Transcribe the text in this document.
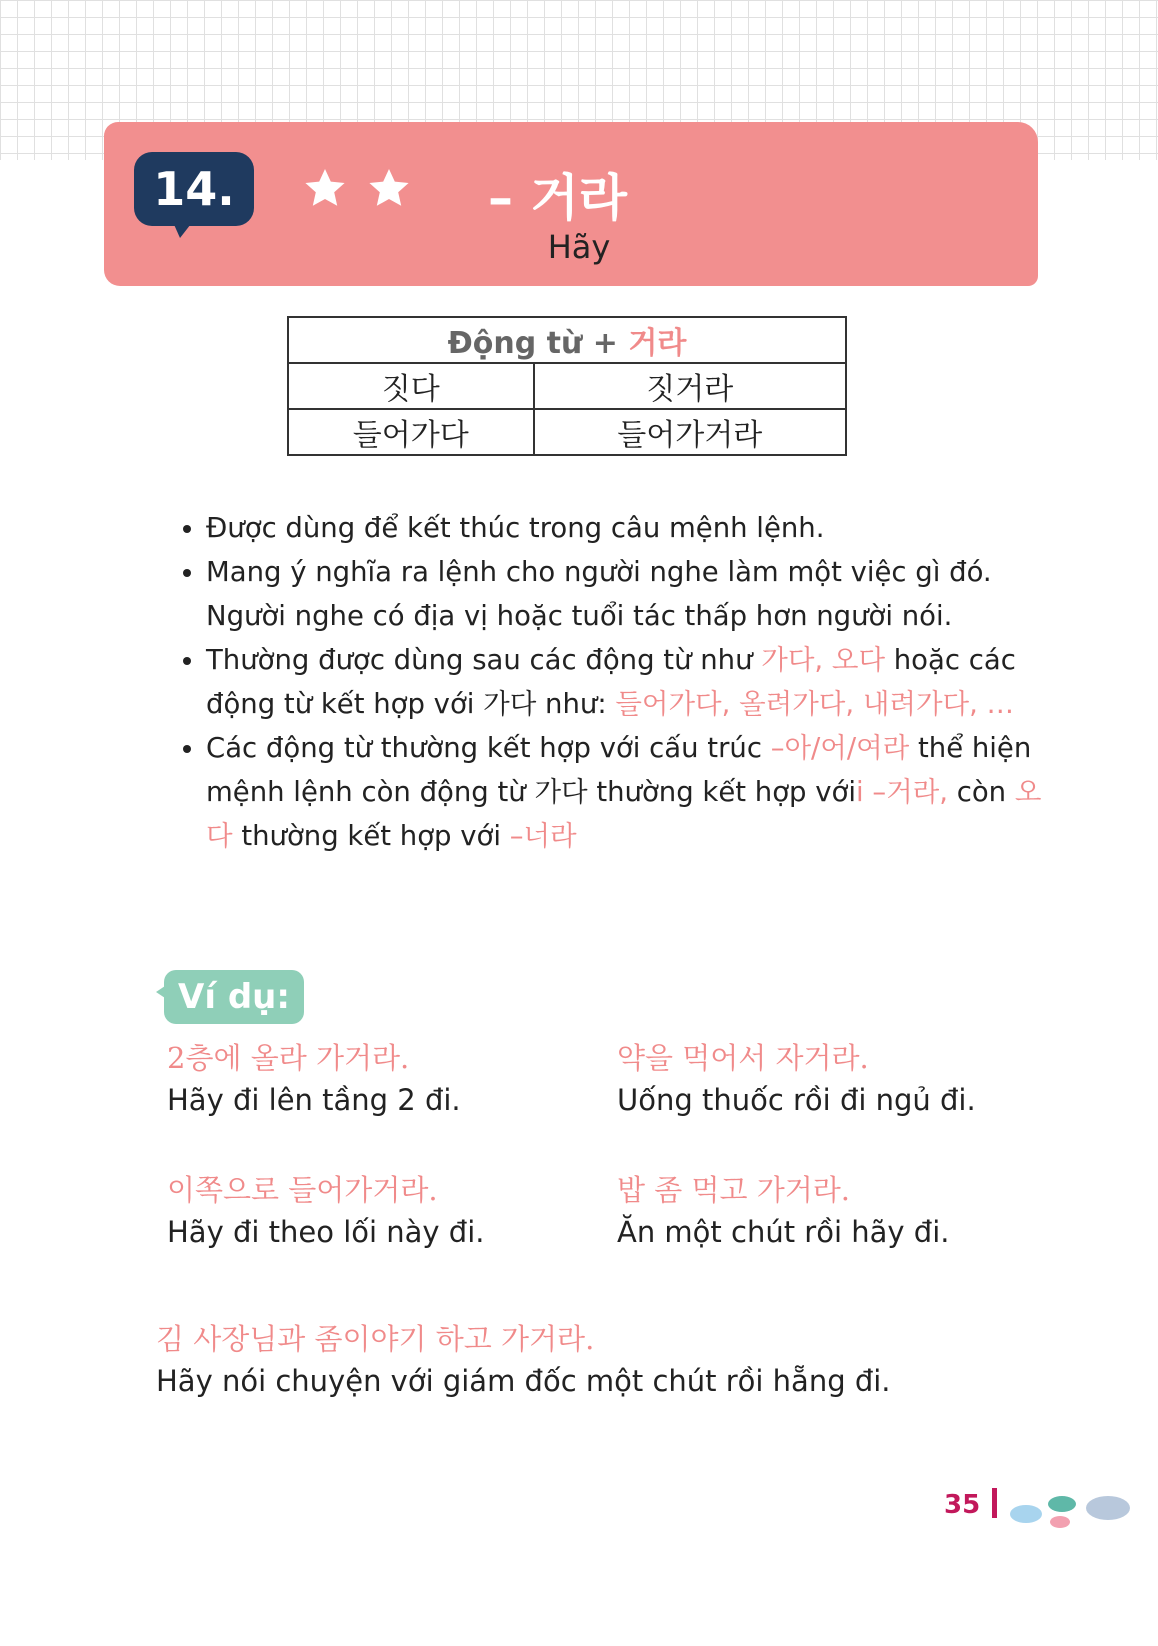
14.	– 거라
Hãy
Động từ + 거라	
짓다	짓거라
들어가다	들어가거라
• Được dùng để kết thúc trong câu mệnh lệnh.
• Mang ý nghĩa ra lệnh cho người nghe làm một việc gì đó. Người nghe có địa vị hoặc tuổi tác thấp hơn người nói.
• Thường được dùng sau các động từ như 가다, 오다 hoặc các động từ kết hợp với 가다 như: 들어가다, 올려가다, 내려가다, …
• Các động từ thường kết hợp với cấu trúc –아/어/여라 thể hiện mệnh lệnh còn động từ 가다 thường kết hợp vớii –거라, còn 오다 thường kết hợp với –너라
Ví dụ:
2층에 올라 가거라.
Hãy đi lên tầng 2 đi.
약을 먹어서 자거라.
Uống thuốc rồi đi ngủ đi.
이쪽으로 들어가거라.
Hãy đi theo lối này đi.
밥 좀 먹고 가거라.
Ăn một chút rồi hãy đi.
김 사장님과 좀이야기 하고 가거라.
Hãy nói chuyện với giám đốc một chút rồi hẵng đi.
35
